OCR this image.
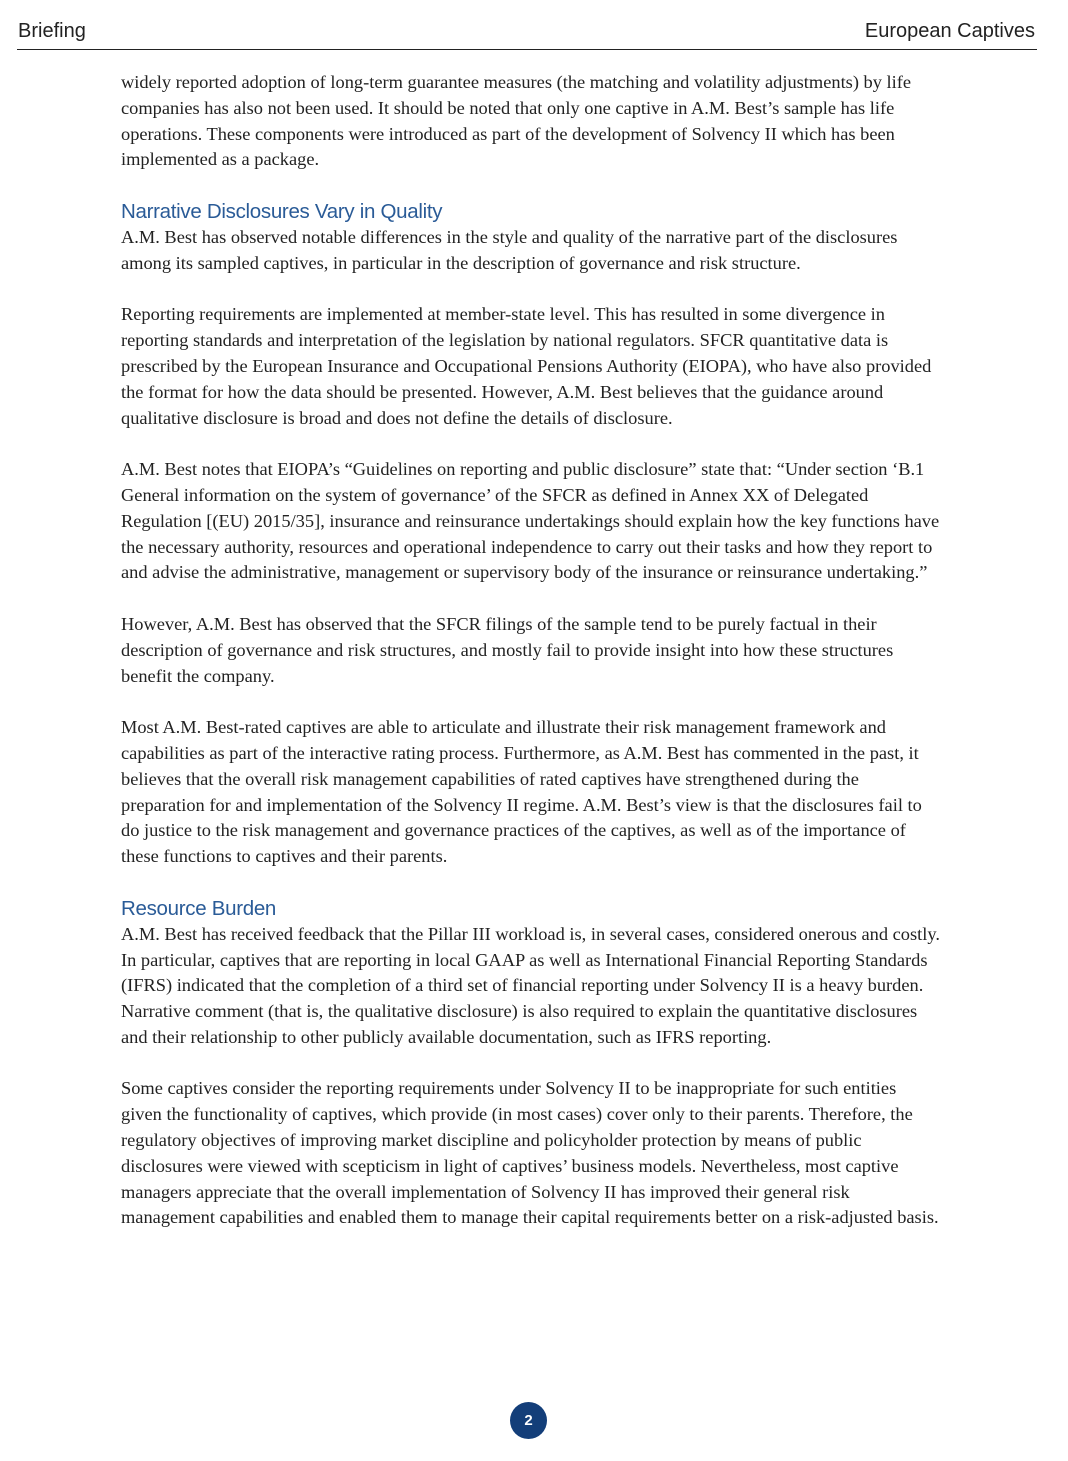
Briefing	European Captives

widely reported adoption of long-term guarantee measures (the matching and volatility adjustments) by life companies has also not been used. It should be noted that only one captive in A.M. Best’s sample has life operations. These components were introduced as part of the development of Solvency II which has been implemented as a package.

Narrative Disclosures Vary in Quality

A.M. Best has observed notable differences in the style and quality of the narrative part of the disclosures among its sampled captives, in particular in the description of governance and risk structure.

Reporting requirements are implemented at member-state level. This has resulted in some divergence in reporting standards and interpretation of the legislation by national regulators. SFCR quantitative data is prescribed by the European Insurance and Occupational Pensions Authority (EIOPA), who have also provided the format for how the data should be presented. However, A.M. Best believes that the guidance around qualitative disclosure is broad and does not define the details of disclosure.

A.M. Best notes that EIOPA’s “Guidelines on reporting and public disclosure” state that: “Under section ‘B.1 General information on the system of governance’ of the SFCR as defined in Annex XX of Delegated Regulation [(EU) 2015/35], insurance and reinsurance undertakings should explain how the key functions have the necessary authority, resources and operational independence to carry out their tasks and how they report to and advise the administrative, management or supervisory body of the insurance or reinsurance undertaking.”

However, A.M. Best has observed that the SFCR filings of the sample tend to be purely factual in their description of governance and risk structures, and mostly fail to provide insight into how these structures benefit the company.

Most A.M. Best-rated captives are able to articulate and illustrate their risk management framework and capabilities as part of the interactive rating process. Furthermore, as A.M. Best has commented in the past, it believes that the overall risk management capabilities of rated captives have strengthened during the preparation for and implementation of the Solvency II regime. A.M. Best’s view is that the disclosures fail to do justice to the risk management and governance practices of the captives, as well as of the importance of these functions to captives and their parents.

Resource Burden

A.M. Best has received feedback that the Pillar III workload is, in several cases, considered onerous and costly. In particular, captives that are reporting in local GAAP as well as International Financial Reporting Standards (IFRS) indicated that the completion of a third set of financial reporting under Solvency II is a heavy burden. Narrative comment (that is, the qualitative disclosure) is also required to explain the quantitative disclosures and their relationship to other publicly available documentation, such as IFRS reporting.

Some captives consider the reporting requirements under Solvency II to be inappropriate for such entities given the functionality of captives, which provide (in most cases) cover only to their parents. Therefore, the regulatory objectives of improving market discipline and policyholder protection by means of public disclosures were viewed with scepticism in light of captives’ business models. Nevertheless, most captive managers appreciate that the overall implementation of Solvency II has improved their general risk management capabilities and enabled them to manage their capital requirements better on a risk-adjusted basis.

2
